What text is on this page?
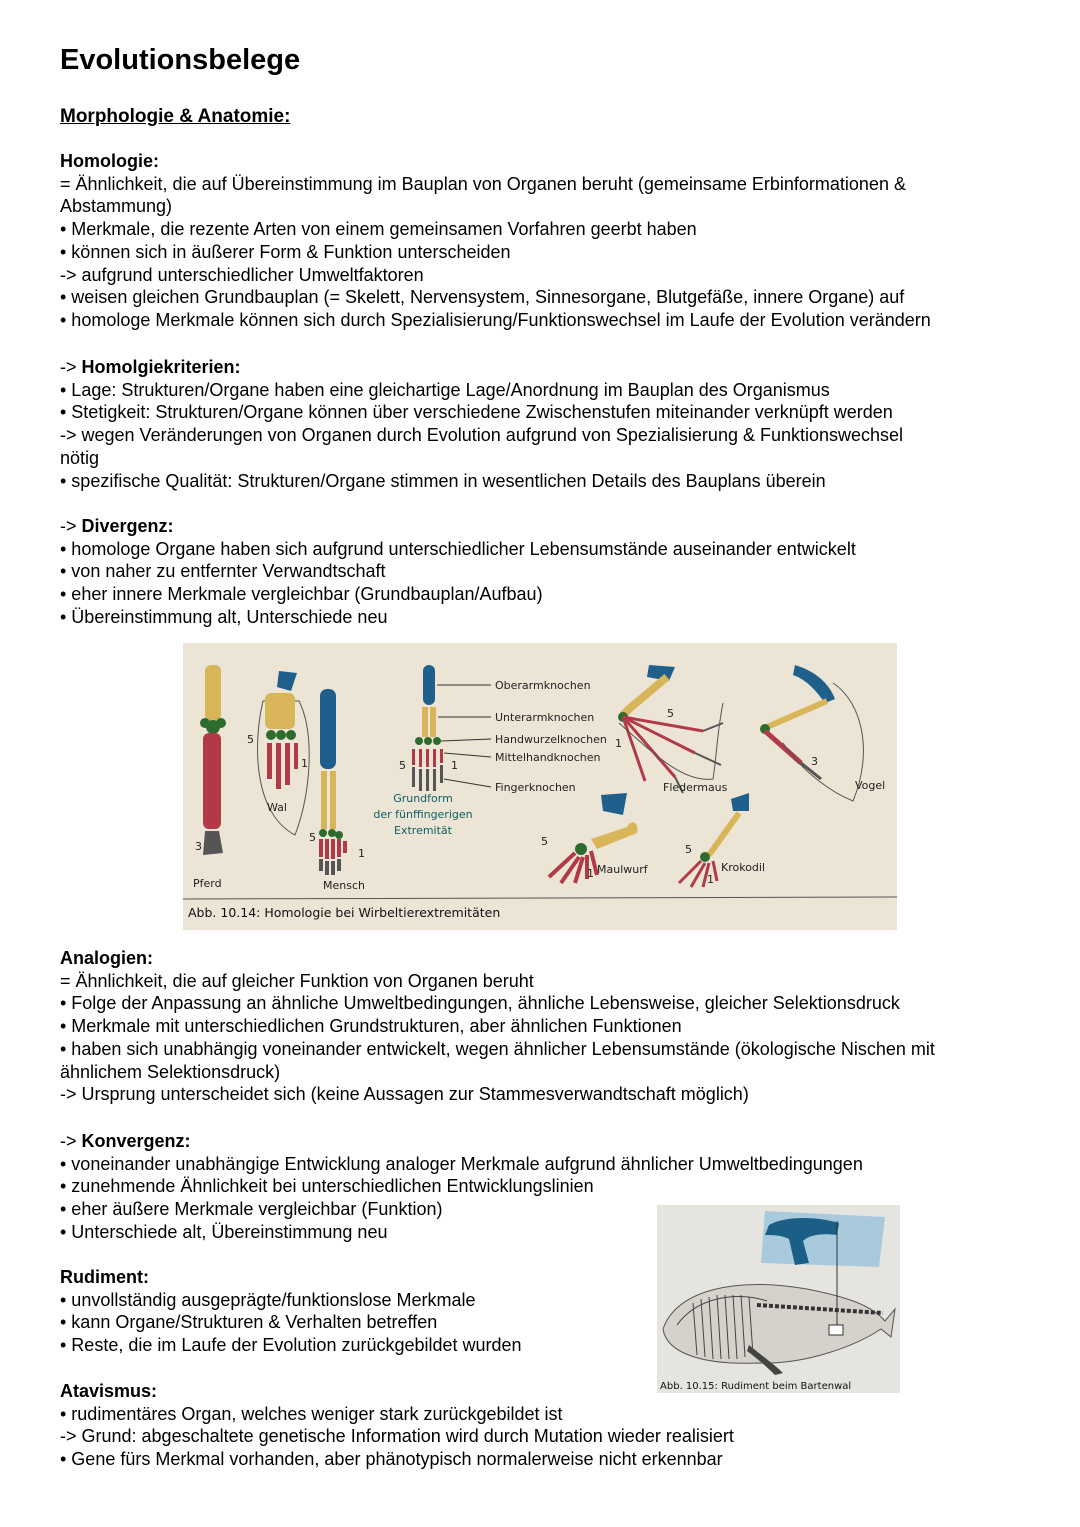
Evolutionsbelege
Morphologie & Anatomie:

Homologie:

= Ähnlichkeit, die auf Übereinstimmung im Bauplan von Organen beruht (gemeinsame Erbinformationen &

Abstammung)

• Merkmale, die rezente Arten von einem gemeinsamen Vorfahren geerbt haben

• können sich in äußerer Form & Funktion unterscheiden

-> aufgrund unterschiedlicher Umweltfaktoren

• weisen gleichen Grundbauplan (= Skelett, Nervensystem, Sinnesorgane, Blutgefäße, innere Organe) auf

• homologe Merkmale können sich durch Spezialisierung/Funktionswechsel im Laufe der Evolution verändern

-> Homolgiekriterien:

• Lage: Strukturen/Organe haben eine gleichartige Lage/Anordnung im Bauplan des Organismus

• Stetigkeit: Strukturen/Organe können über verschiedene Zwischenstufen miteinander verknüpft werden

-> wegen Veränderungen von Organen durch Evolution aufgrund von Spezialisierung & Funktionswechsel

nötig

• spezifische Qualität: Strukturen/Organe stimmen in wesentlichen Details des Bauplans überein

-> Divergenz:

• homologe Organe haben sich aufgrund unterschiedlicher Lebensumstände auseinander entwickelt

• von naher zu entfernter Verwandtschaft

• eher innere Merkmale vergleichbar (Grundbauplan/Aufbau)

• Übereinstimmung alt, Unterschiede neu

3
Pferd
5
1
Wal
5
1
Mensch
5	1
Oberarmknochen
Unterarmknochen
Handwurzelknochen
Mittelhandknochen
Fingerknochen
Grundform
der fünffingerigen
Extremität
5
1
Fledermaus
3
Vogel
5
1 Maulwurf
5
1
Krokodil
Abb. 10.14: Homologie bei Wirbeltierextremitäten

Analogien:

= Ähnlichkeit, die auf gleicher Funktion von Organen beruht

• Folge der Anpassung an ähnliche Umweltbedingungen, ähnliche Lebensweise, gleicher Selektionsdruck

• Merkmale mit unterschiedlichen Grundstrukturen, aber ähnlichen Funktionen

• haben sich unabhängig voneinander entwickelt, wegen ähnlicher Lebensumstände (ökologische Nischen mit

ähnlichem Selektionsdruck)

-> Ursprung unterscheidet sich (keine Aussagen zur Stammesverwandtschaft möglich)

-> Konvergenz:

• voneinander unabhängige Entwicklung analoger Merkmale aufgrund ähnlicher Umweltbedingungen

• zunehmende Ähnlichkeit bei unterschiedlichen Entwicklungslinien

• eher äußere Merkmale vergleichbar (Funktion)

• Unterschiede alt, Übereinstimmung neu

Rudiment:

• unvollständig ausgeprägte/funktionslose Merkmale

• kann Organe/Strukturen & Verhalten betreffen

• Reste, die im Laufe der Evolution zurückgebildet wurden

Abb. 10.15: Rudiment beim Bartenwal

Atavismus:

• rudimentäres Organ, welches weniger stark zurückgebildet ist

-> Grund: abgeschaltete genetische Information wird durch Mutation wieder realisiert

• Gene fürs Merkmal vorhanden, aber phänotypisch normalerweise nicht erkennbar
